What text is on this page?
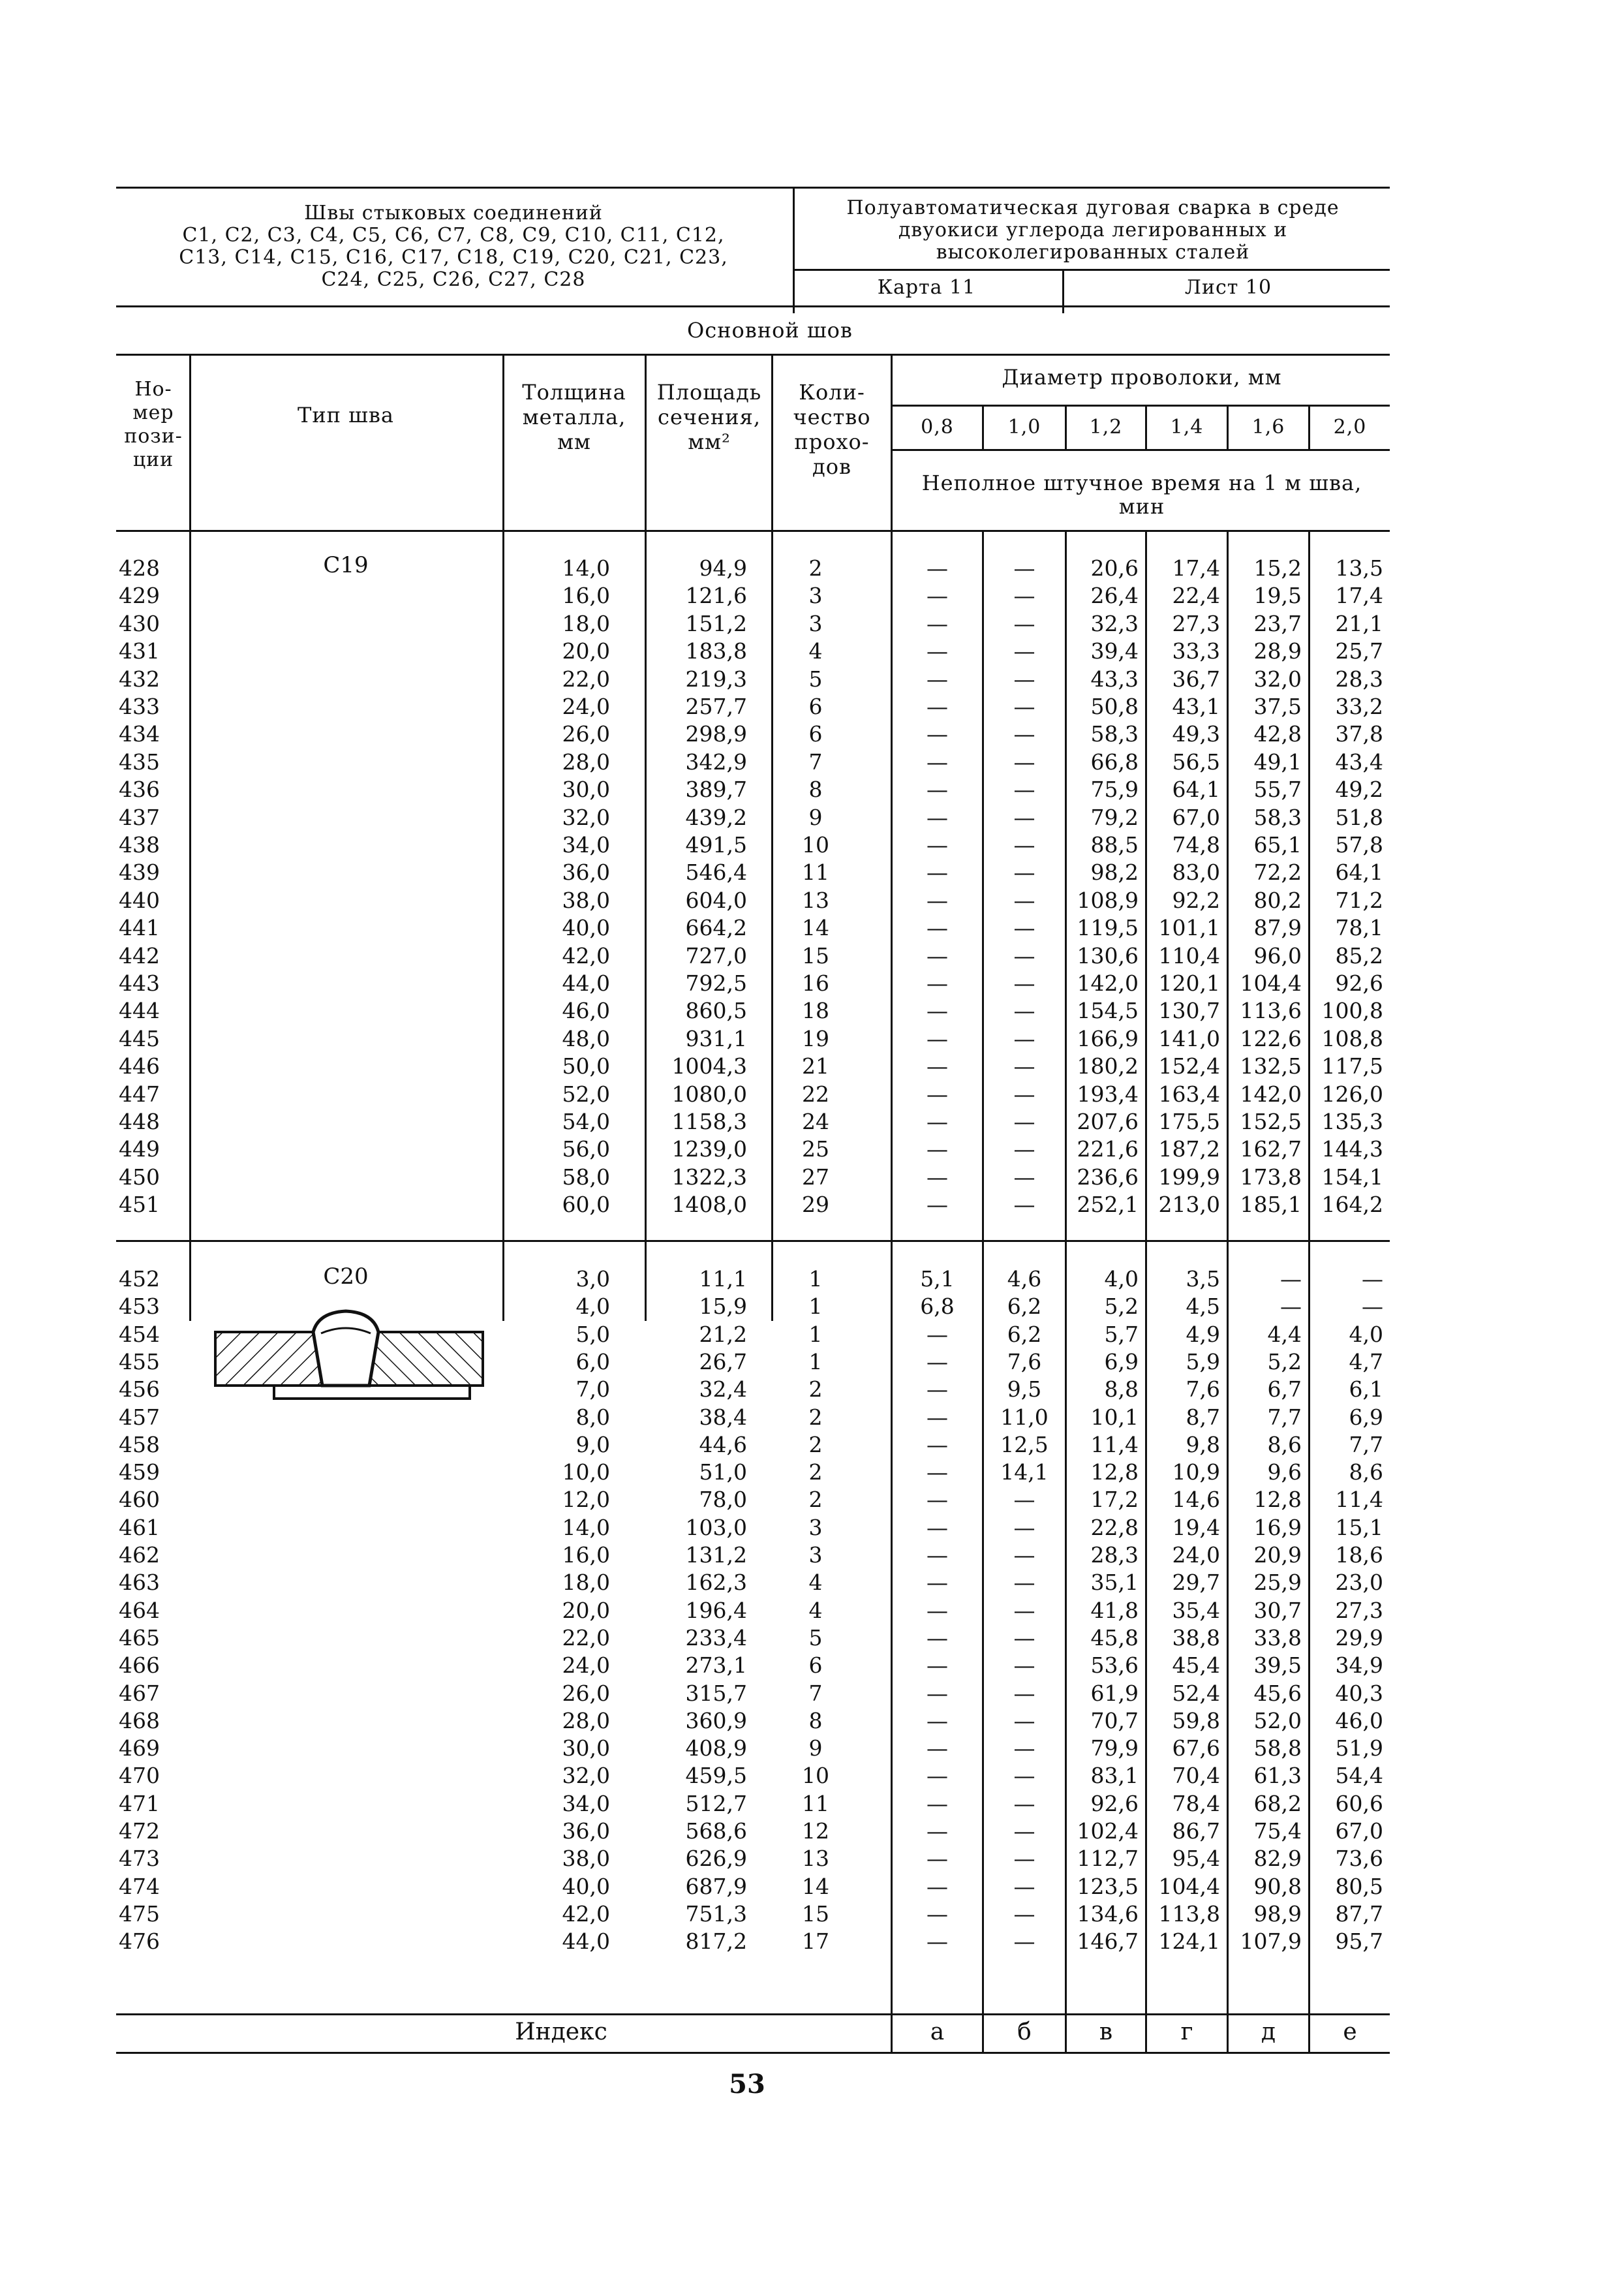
Швы стыковых соединений
C1, C2, C3, C4, C5, C6, C7, C8, C9, C10, C11, C12,
C13, C14, C15, C16, C17, C18, C19, C20, C21, C23,
C24, C25, C26, C27, C28
Полуавтоматическая дуговая сварка в среде
двуокиси углерода легированных и
высоколегированных сталей
Карта 11	Лист 10
Основной шов
Но-
мер
пози-
ции
Тип шва
Толщина
металла,
мм
Площадь
сечения,
мм²
Коли-
чество
прохо-
дов
Диаметр проволоки, мм
0,8	1,0	1,2	1,4	1,6	2,0
Неполное штучное время на 1 м шва,
мин
C19
428	14,0	94,9	2	—	—	20,6	17,4	15,2	13,5
429	16,0	121,6	3	—	—	26,4	22,4	19,5	17,4
430	18,0	151,2	3	—	—	32,3	27,3	23,7	21,1
431	20,0	183,8	4	—	—	39,4	33,3	28,9	25,7
432	22,0	219,3	5	—	—	43,3	36,7	32,0	28,3
433	24,0	257,7	6	—	—	50,8	43,1	37,5	33,2
434	26,0	298,9	6	—	—	58,3	49,3	42,8	37,8
435	28,0	342,9	7	—	—	66,8	56,5	49,1	43,4
436	30,0	389,7	8	—	—	75,9	64,1	55,7	49,2
437	32,0	439,2	9	—	—	79,2	67,0	58,3	51,8
438	34,0	491,5	10	—	—	88,5	74,8	65,1	57,8
439	36,0	546,4	11	—	—	98,2	83,0	72,2	64,1
440	38,0	604,0	13	—	—	108,9	92,2	80,2	71,2
441	40,0	664,2	14	—	—	119,5 101,1	87,9	78,1
442	42,0	727,0	15	—	—	130,6 110,4	96,0	85,2
443	44,0	792,5	16	—	—	142,0 120,1 104,4	92,6
444	46,0	860,5	18	—	—	154,5 130,7 113,6 100,8
445	48,0	931,1	19	—	—	166,9 141,0 122,6 108,8
446	50,0	1004,3	21	—	—	180,2 152,4 132,5 117,5
447	52,0	1080,0	22	—	—	193,4 163,4 142,0 126,0
448	54,0	1158,3	24	—	—	207,6 175,5 152,5 135,3
449	56,0	1239,0	25	—	—	221,6 187,2 162,7 144,3
450	58,0	1322,3	27	—	—	236,6 199,9 173,8 154,1
451	60,0	1408,0	29	—	—	252,1 213,0 185,1 164,2
C20
452	3,0	11,1	1	5,1	4,6	4,0	3,5	—	—
453	4,0	15,9	1	6,8	6,2	5,2	4,5	—	—
454	5,0	21,2	1	—	6,2	5,7	4,9	4,4	4,0
455	6,0	26,7	1	—	7,6	6,9	5,9	5,2	4,7
456	7,0	32,4	2	—	9,5	8,8	7,6	6,7	6,1
457	8,0	38,4	2	—	11,0	10,1	8,7	7,7	6,9
458	9,0	44,6	2	—	12,5	11,4	9,8	8,6	7,7
459	10,0	51,0	2	—	14,1	12,8	10,9	9,6	8,6
460	12,0	78,0	2	—	—	17,2	14,6	12,8	11,4
461	14,0	103,0	3	—	—	22,8	19,4	16,9	15,1
462	16,0	131,2	3	—	—	28,3	24,0	20,9	18,6
463	18,0	162,3	4	—	—	35,1	29,7	25,9	23,0
464	20,0	196,4	4	—	—	41,8	35,4	30,7	27,3
465	22,0	233,4	5	—	—	45,8	38,8	33,8	29,9
466	24,0	273,1	6	—	—	53,6	45,4	39,5	34,9
467	26,0	315,7	7	—	—	61,9	52,4	45,6	40,3
468	28,0	360,9	8	—	—	70,7	59,8	52,0	46,0
469	30,0	408,9	9	—	—	79,9	67,6	58,8	51,9
470	32,0	459,5	10	—	—	83,1	70,4	61,3	54,4
471	34,0	512,7	11	—	—	92,6	78,4	68,2	60,6
472	36,0	568,6	12	—	—	102,4	86,7	75,4	67,0
473	38,0	626,9	13	—	—	112,7	95,4	82,9	73,6
474	40,0	687,9	14	—	—	123,5 104,4	90,8	80,5
475	42,0	751,3	15	—	—	134,6 113,8	98,9	87,7
476	44,0	817,2	17	—	—	146,7 124,1 107,9	95,7
Индекс	а	б	в	г	д	е
53
